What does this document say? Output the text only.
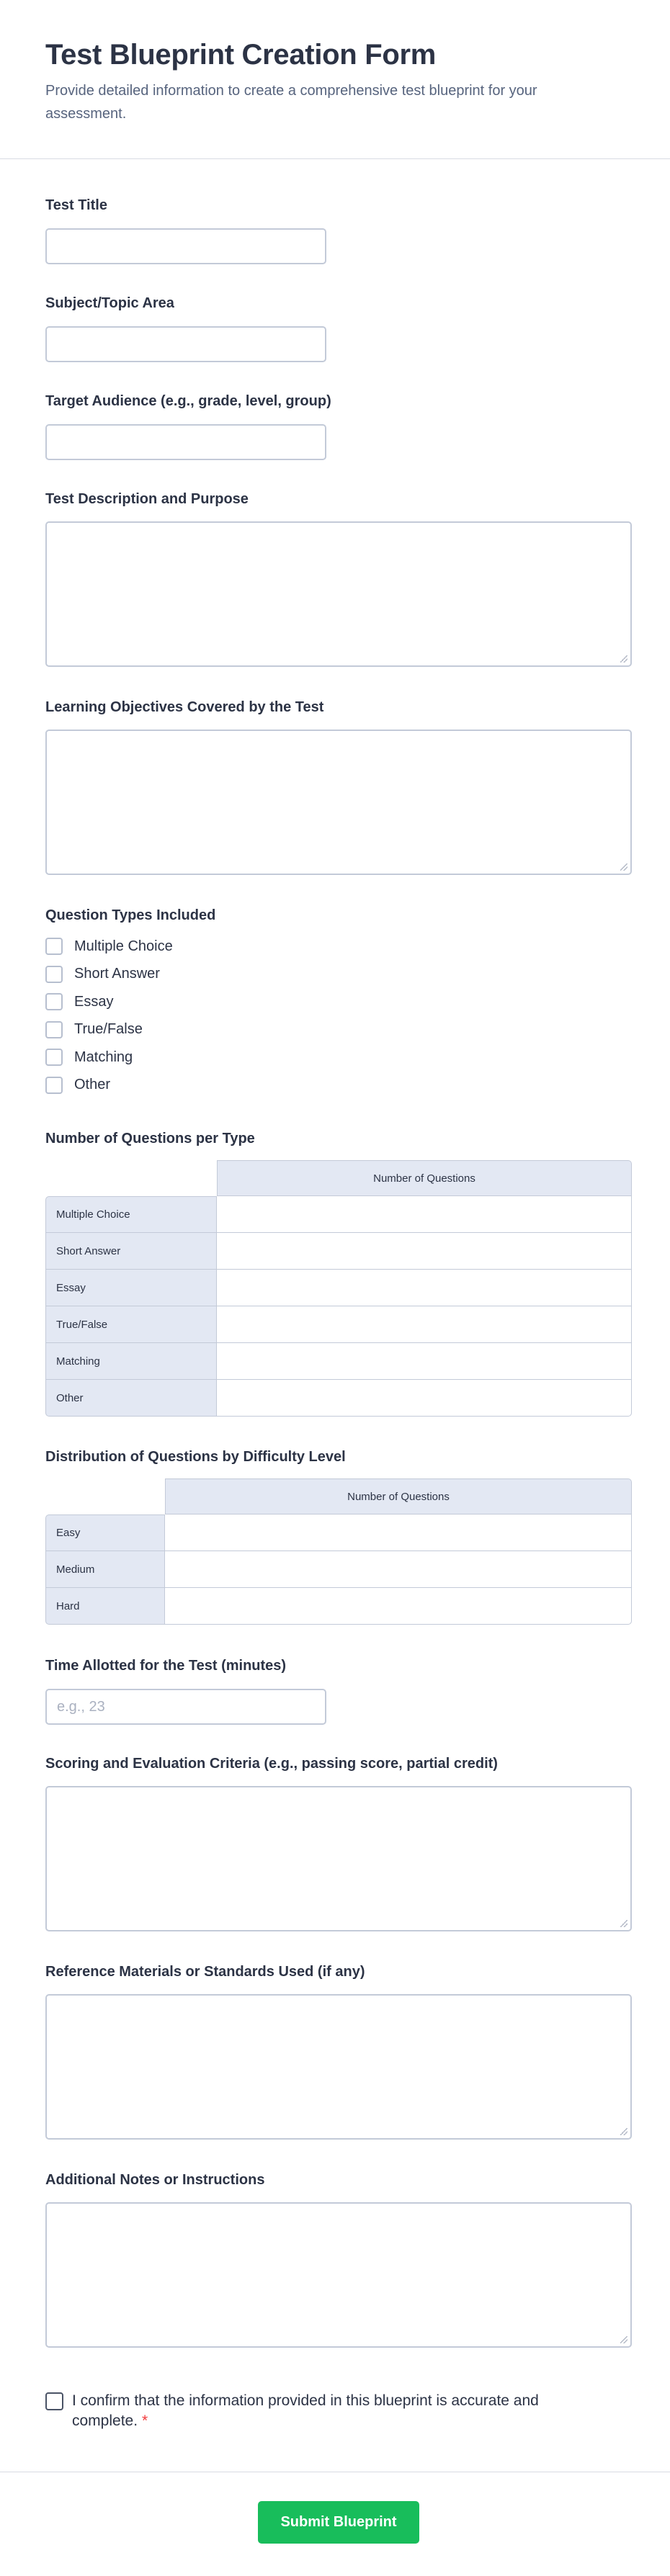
Test Blueprint Creation Form

Provide detailed information to create a comprehensive test blueprint for your assessment.

Test Title
Subject/Topic Area
Target Audience (e.g., grade, level, group)
Test Description and Purpose
Learning Objectives Covered by the Test
Question Types Included
Multiple Choice
Short Answer
Essay
True/False
Matching
Other
Number of Questions per Type
	Number of Questions
Multiple Choice	
Short Answer	
Essay	
True/False	
Matching	
Other	
Distribution of Questions by Difficulty Level
	Number of Questions
Easy	
Medium	
Hard	
Time Allotted for the Test (minutes)
e.g., 23
Scoring and Evaluation Criteria (e.g., passing score, partial credit)
Reference Materials or Standards Used (if any)
Additional Notes or Instructions
I confirm that the information provided in this blueprint is accurate and complete. *
Submit Blueprint
